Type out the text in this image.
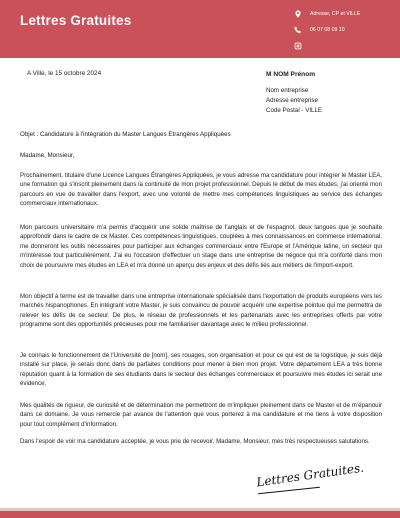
Lettres Gratuites	Adresse, CP et VILLE
06 07 08 09 10
votre@email.com
A Ville, le 15 octobre 2024	M NOM Prénom
Nom entreprise
Adresse entreprise
Code Postal - VILLE
Objet : Candidature à l'intégration du Master Langues Etrangères Appliquées
Madame, Monsieur,

Prochainement, titulaire d'une Licence Langues Étrangères Appliquées, je vous adresse ma candidature pour intégrer le Master LEA, une formation qui s'inscrit pleinement dans la continuité de mon projet professionnel. Depuis le début de mes études, j'ai orienté mon parcours en vue de travailler dans l'export, avec une volonté de mettre mes compétences linguistiques au service des échanges commerciaux internationaux.

Mon parcours universitaire m'a permis d'acquérir une solide maîtrise de l'anglais et de l'espagnol, deux langues que je souhaite approfondir dans le cadre de ce Master. Ces compétences linguistiques, couplées à mes connaissances en commerce international, me donneront les outils nécessaires pour participer aux échanges commerciaux entre l'Europe et l'Amérique latine, un secteur qui m'intéresse tout particulièrement. J'ai eu l'occasion d'effectuer un stage dans une entreprise de négoce qui m'a conforté dans mon choix de poursuivre mes études en LEA et m'a donné un aperçu des enjeux et des défis liés aux métiers de l'import-export.

Mon objectif à terme est de travailler dans une entreprise internationale spécialisée dans l'exportation de produits européens vers les marchés hispanophones. En intégrant votre Master, je suis convaincu de pouvoir acquérir une expertise pointue qui me permettra de relever les défis de ce secteur. De plus, le réseau de professionnels et les partenariats avec les entreprises offerts par votre programme sont des opportunités précieuses pour me familiariser davantage avec le milieu professionnel.

Je connais le fonctionnement de l'Université de [nom], ses rouages, son organisation et pour ce qui est de la logistique, je suis déjà installé sur place, je serais donc dans de parfaites conditions pour mener à bien mon projet. Votre département LEA a très bonne réputation quant à la formation de ses étudiants dans le secteur des échanges commerciaux et poursuivre mes études ici serait une évidence.

Mes qualités de rigueur, de curiosité et de détermination me permettront de m'impliquer pleinement dans ce Master et de m'épanouir dans ce domaine. Je vous remercie par avance de l'attention que vous porterez à ma candidature et me tiens à votre disposition pour tout complément d'information.

Dans l'espoir de voir ma candidature acceptée, je vous prie de recevoir, Madame, Monsieur, mes très respectueuses salutations.

Lettres Gratuites.
